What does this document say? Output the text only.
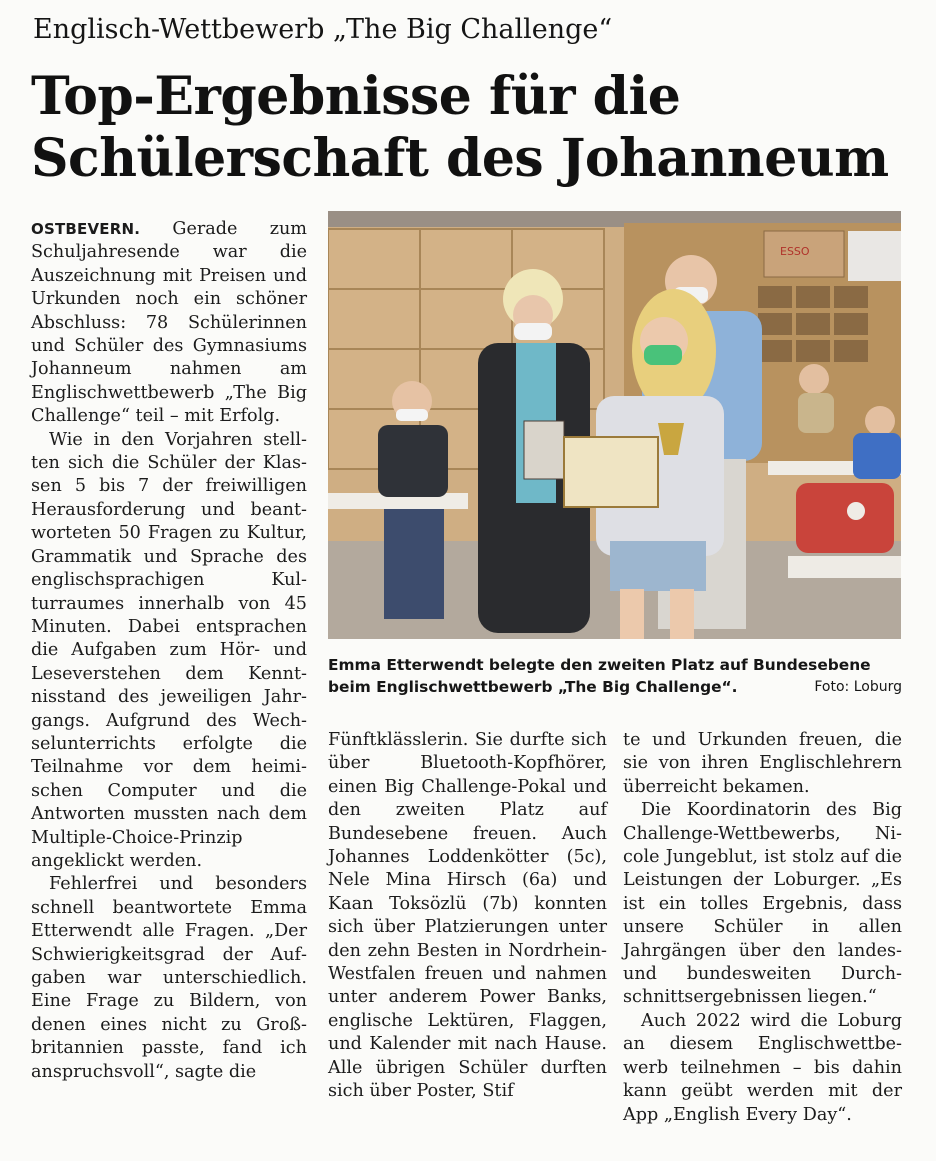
Englisch-Wettbewerb „The Big Challenge“
Top-Ergebnisse für die
Schülerschaft des Johanneum

OSTBEVERN. Gerade zum Schuljahresende war die Auszeichnung mit Preisen und Urkunden noch ein schöner Abschluss: 78 Schülerinnen und Schüler des Gymnasiums Johanneum nahmen am Englischwettbewerb „The Big Challenge“ teil – mit Erfolg.

Wie in den Vorjahren stellten sich die Schüler der Klassen 5 bis 7 der freiwilligen Herausforderung und beantworteten 50 Fragen zu Kultur, Grammatik und Sprache des englischsprachigen Kulturraumes innerhalb von 45 Minuten. Dabei entsprachen die Aufgaben zum Hör- und Leseverstehen dem Kenntnisstand des jeweiligen Jahrgangs. Aufgrund des Wechselunterrichts erfolgte die Teilnahme vor dem heimischen Computer und die Antworten mussten nach dem Multiple-Choice-Prinzip angeklickt werden.

Fehlerfrei und besonders schnell beantwortete Emma Etterwendt alle Fragen. „Der Schwierigkeitsgrad der Aufgaben war unterschiedlich. Eine Frage zu Bildern, von denen eines nicht zu Großbritannien passte, fand ich anspruchsvoll“, sagte die

ESSO
Emma Etterwendt belegte den zweiten Platz auf Bundesebene beim Englischwettbewerb „The Big Challenge“.	Foto: Loburg

Fünftklässlerin. Sie durfte sich über Bluetooth-Kopfhörer, einen Big Challenge-Pokal und den zweiten Platz auf Bundesebene freuen. Auch Johannes Loddenkötter (5c), Nele Mina Hirsch (6a) und Kaan Toksözlü (7b) konnten sich über Platzierungen unter den zehn Besten in Nordrhein-Westfalen freuen und nahmen unter anderem Power Banks, englische Lektüren, Flaggen, und Kalender mit nach Hause. Alle übrigen Schüler durften sich über Poster, Stif

te und Urkunden freuen, die sie von ihren Englischlehrern überreicht bekamen.

Die Koordinatorin des Big Challenge-Wettbewerbs, Nicole Jungeblut, ist stolz auf die Leistungen der Loburger. „Es ist ein tolles Ergebnis, dass unsere Schüler in allen Jahrgängen über den landes- und bundesweiten Durchschnittsergebnissen liegen.“

Auch 2022 wird die Loburg an diesem Englischwettbewerb teilnehmen – bis dahin kann geübt werden mit der App „English Every Day“.
